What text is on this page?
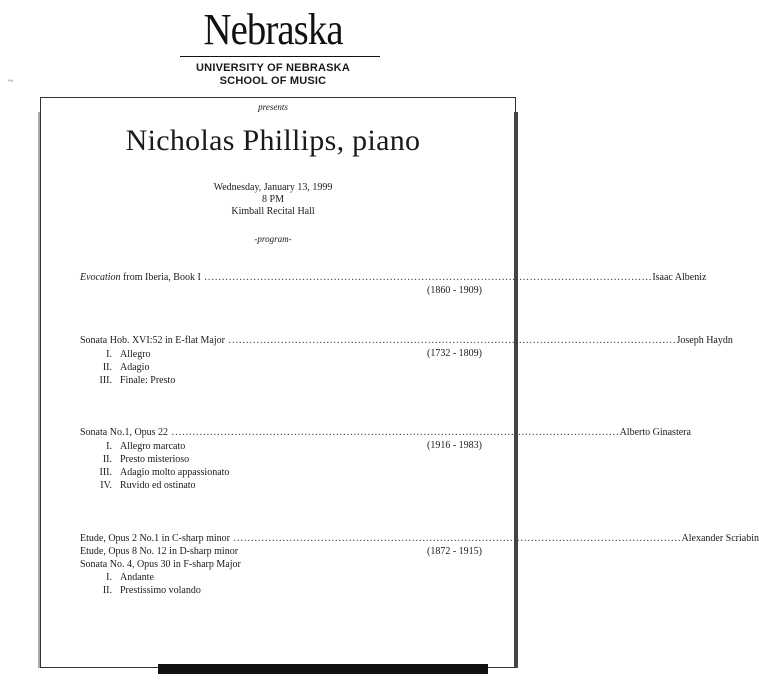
~
Nebraska
UNIVERSITY OF NEBRASKA
SCHOOL OF MUSIC
presents
Nicholas Phillips, piano
Wednesday, January 13, 1999
8 PM
Kimball Recital Hall
-program-
Evocation from Iberia, Book I ................................................................................................................................ Isaac Albeniz
(1860 - 1909)
Sonata Hob. XVI:52 in E-flat Major ................................................................................................................................ Joseph Haydn
(1732 - 1809)
I. Allegro
II. Adagio
III. Finale: Presto
Sonata No.1, Opus 22 ................................................................................................................................ Alberto Ginastera
(1916 - 1983)
I. Allegro marcato
II. Presto misterioso
III. Adagio molto appassionato
IV. Ruvido ed ostinato
Etude, Opus 2 No.1 in C-sharp minor ................................................................................................................................ Alexander Scriabin
(1872 - 1915)
Etude, Opus 8 No. 12 in D-sharp minor
Sonata No. 4, Opus 30 in F-sharp Major
I. Andante
II. Prestissimo volando
